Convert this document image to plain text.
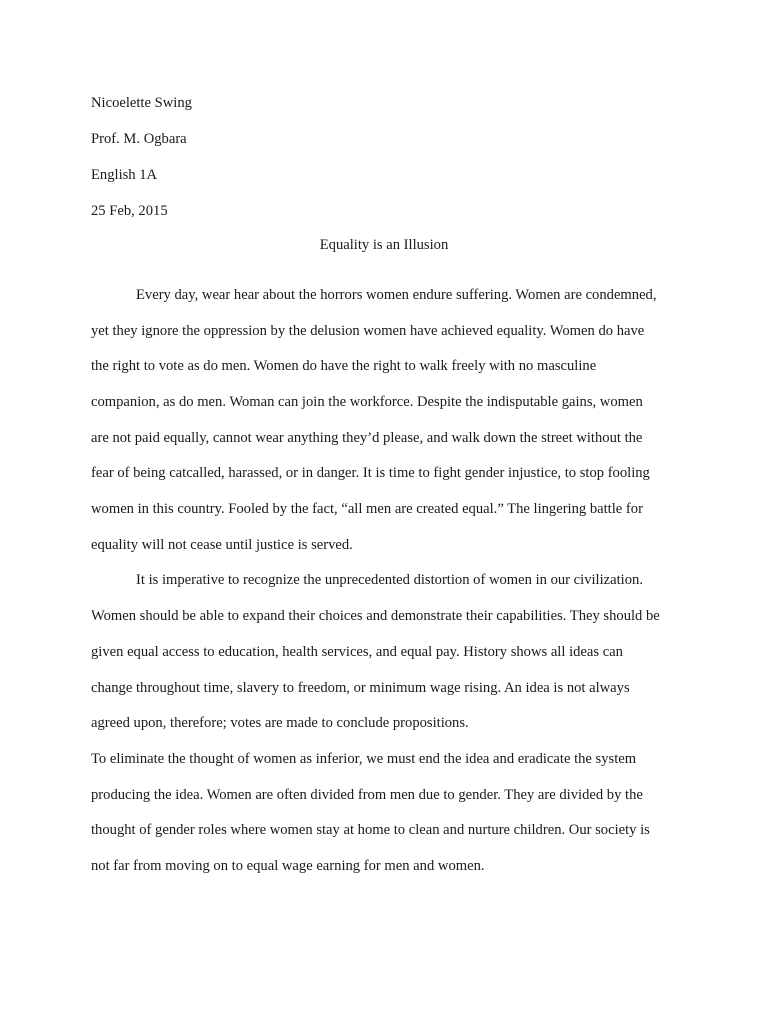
Nicoelette Swing
Prof. M. Ogbara
English 1A
25 Feb, 2015
Equality is an Illusion
Every day, wear hear about the horrors women endure suffering. Women are condemned,
yet they ignore the oppression by the delusion women have achieved equality. Women do have
the right to vote as do men. Women do have the right to walk freely with no masculine
companion, as do men. Woman can join the workforce. Despite the indisputable gains, women
are not paid equally, cannot wear anything they’d please, and walk down the street without the
fear of being catcalled, harassed, or in danger. It is time to fight gender injustice, to stop fooling
women in this country. Fooled by the fact, “all men are created equal.” The lingering battle for
equality will not cease until justice is served.
It is imperative to recognize the unprecedented distortion of women in our civilization.
Women should be able to expand their choices and demonstrate their capabilities. They should be
given equal access to education, health services, and equal pay. History shows all ideas can
change throughout time, slavery to freedom, or minimum wage rising. An idea is not always
agreed upon, therefore; votes are made to conclude propositions.
To eliminate the thought of women as inferior, we must end the idea and eradicate the system
producing the idea. Women are often divided from men due to gender. They are divided by the
thought of gender roles where women stay at home to clean and nurture children. Our society is
not far from moving on to equal wage earning for men and women.
